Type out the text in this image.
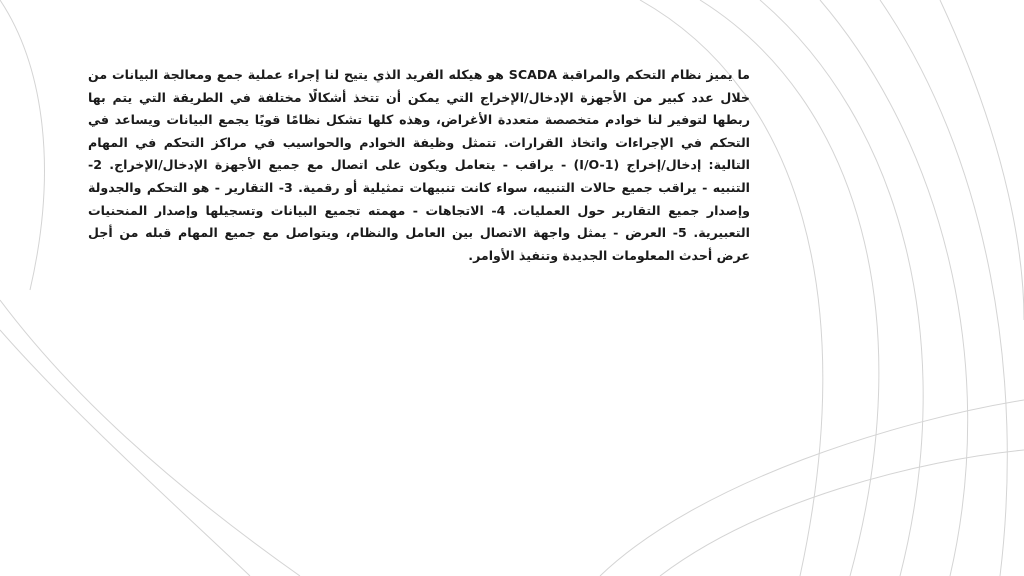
ما يميز نظام التحكم والمراقبة SCADA هو هيكله الفريد الذي يتيح لنا إجراء عملية جمع ومعالجة البيانات من خلال عدد كبير من الأجهزة الإدخال/الإخراج التي يمكن أن تتخذ أشكالًا مختلفة في الطريقة التي يتم بها ربطها لتوفير لنا خوادم متخصصة متعددة الأغراض، وهذه كلها تشكل نظامًا قويًا يجمع البيانات ويساعد في التحكم في الإجراءات واتخاذ القرارات. تتمثل وظيفة الخوادم والحواسيب في مراكز التحكم في المهام التالية: إدخال/إخراج (I/O-1) - يراقب - يتعامل ويكون على اتصال مع جميع الأجهزة الإدخال/الإخراج. 2- التنبيه - يراقب جميع حالات التنبيه، سواء كانت تنبيهات تمثيلية أو رقمية. 3- التقارير - هو التحكم والجدولة وإصدار جميع التقارير حول العمليات. 4- الاتجاهات - مهمته تجميع البيانات وتسجيلها وإصدار المنحنيات التعبيرية. 5- العرض - يمثل واجهة الاتصال بين العامل والنظام، ويتواصل مع جميع المهام قبله من أجل عرض أحدث المعلومات الجديدة وتنفيذ الأوامر.
